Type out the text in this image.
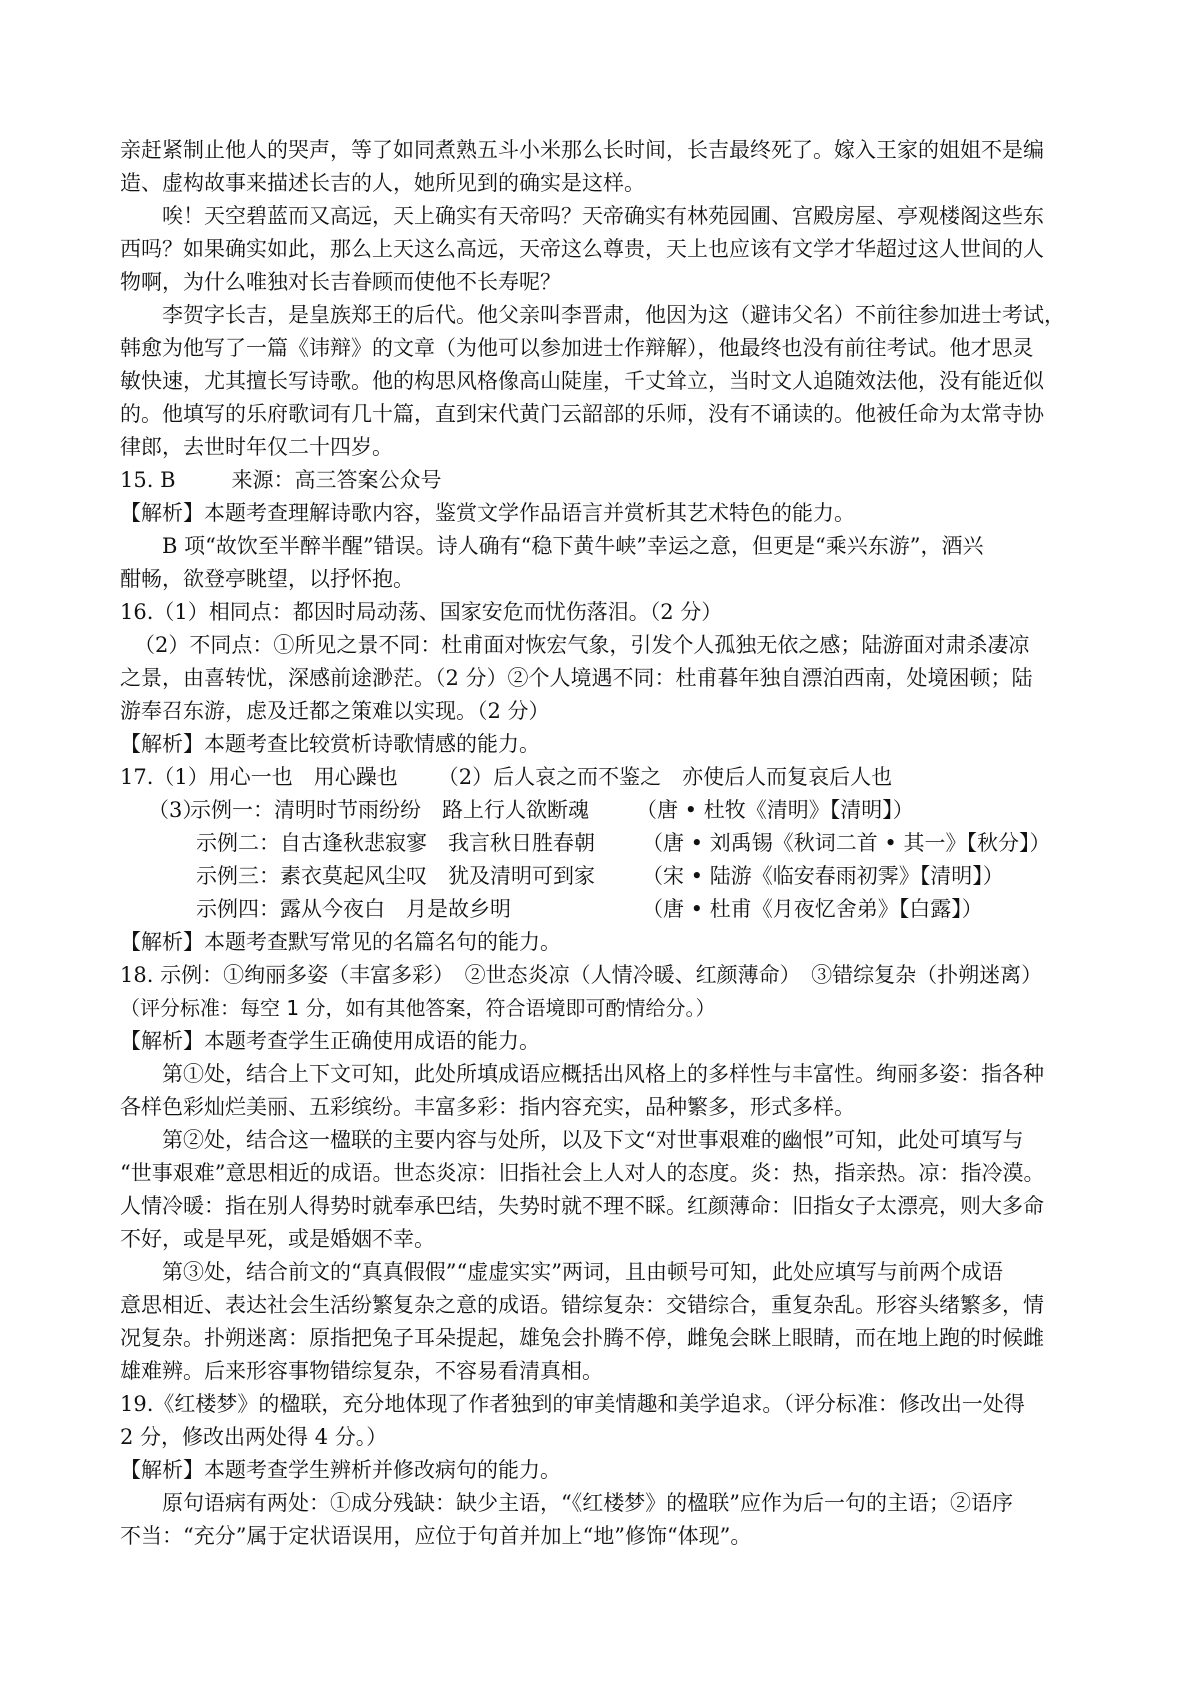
亲赶紧制止他人的哭声，等了如同煮熟五斗小米那么长时间，长吉最终死了。嫁入王家的姐姐不是编
造、虚构故事来描述长吉的人，她所见到的确实是这样。
唉！天空碧蓝而又高远，天上确实有天帝吗？天帝确实有林苑园圃、宫殿房屋、亭观楼阁这些东
西吗？如果确实如此，那么上天这么高远，天帝这么尊贵，天上也应该有文学才华超过这人世间的人
物啊，为什么唯独对长吉眷顾而使他不长寿呢？
李贺字长吉，是皇族郑王的后代。他父亲叫李晋肃，他因为这（避讳父名）不前往参加进士考试，
韩愈为他写了一篇《讳辩》的文章（为他可以参加进士作辩解），他最终也没有前往考试。他才思灵
敏快速，尤其擅长写诗歌。他的构思风格像高山陡崖，千丈耸立，当时文人追随效法他，没有能近似
的。他填写的乐府歌词有几十篇，直到宋代黄门云韶部的乐师，没有不诵读的。他被任命为太常寺协
律郎，去世时年仅二十四岁。
15. B	来源：高三答案公众号
【解析】本题考查理解诗歌内容，鉴赏文学作品语言并赏析其艺术特色的能力。
B 项“故饮至半醉半醒”错误。诗人确有“稳下黄牛峡”幸运之意，但更是“乘兴东游”，酒兴
酣畅，欲登亭眺望，以抒怀抱。
16.（1）相同点：都因时局动荡、国家安危而忧伤落泪。（2 分）
（2）不同点：①所见之景不同：杜甫面对恢宏气象，引发个人孤独无依之感；陆游面对肃杀凄凉
之景，由喜转忧，深感前途渺茫。（2 分）②个人境遇不同：杜甫暮年独自漂泊西南，处境困顿；陆
游奉召东游，虑及迁都之策难以实现。（2 分）
【解析】本题考查比较赏析诗歌情感的能力。
17.（1）用心一也　用心躁也 （2）后人哀之而不鉴之　亦使后人而复哀后人也
（3）
示例一： 清明时节雨纷纷　路上行人欲断魂	（唐 • 杜牧《清明》【清明】）
示例二： 自古逢秋悲寂寥　我言秋日胜春朝	（唐 • 刘禹锡《秋词二首 • 其一》【秋分】）
示例三： 素衣莫起风尘叹　犹及清明可到家	（宋 • 陆游《临安春雨初霁》【清明】）
示例四： 露从今夜白　月是故乡明	（唐 • 杜甫《月夜忆舍弟》【白露】）
【解析】本题考查默写常见的名篇名句的能力。
18. 示例：①绚丽多姿（丰富多彩）　②世态炎凉（人情冷暖、红颜薄命）　③错综复杂（扑朔迷离）
（评分标准：每空 1 分，如有其他答案，符合语境即可酌情给分。）
【解析】本题考查学生正确使用成语的能力。
第①处，结合上下文可知，此处所填成语应概括出风格上的多样性与丰富性。绚丽多姿：指各种
各样色彩灿烂美丽、五彩缤纷。丰富多彩：指内容充实，品种繁多，形式多样。
第②处，结合这一楹联的主要内容与处所，以及下文“对世事艰难的幽恨”可知，此处可填写与
“世事艰难”意思相近的成语。世态炎凉：旧指社会上人对人的态度。炎：热，指亲热。凉：指冷漠。
人情冷暖：指在别人得势时就奉承巴结，失势时就不理不睬。红颜薄命：旧指女子太漂亮，则大多命
不好，或是早死，或是婚姻不幸。
第③处，结合前文的“真真假假”“虚虚实实”两词，且由顿号可知，此处应填写与前两个成语
意思相近、表达社会生活纷繁复杂之意的成语。错综复杂：交错综合，重复杂乱。形容头绪繁多，情
况复杂。扑朔迷离：原指把兔子耳朵提起，雄兔会扑腾不停，雌兔会眯上眼睛，而在地上跑的时候雌
雄难辨。后来形容事物错综复杂，不容易看清真相。
19.《红楼梦》的楹联，充分地体现了作者独到的审美情趣和美学追求。（评分标准：修改出一处得
2 分，修改出两处得 4 分。）
【解析】本题考查学生辨析并修改病句的能力。
原句语病有两处：①成分残缺：缺少主语，“《红楼梦》的楹联”应作为后一句的主语；②语序
不当：“充分”属于定状语误用，应位于句首并加上“地”修饰“体现”。
